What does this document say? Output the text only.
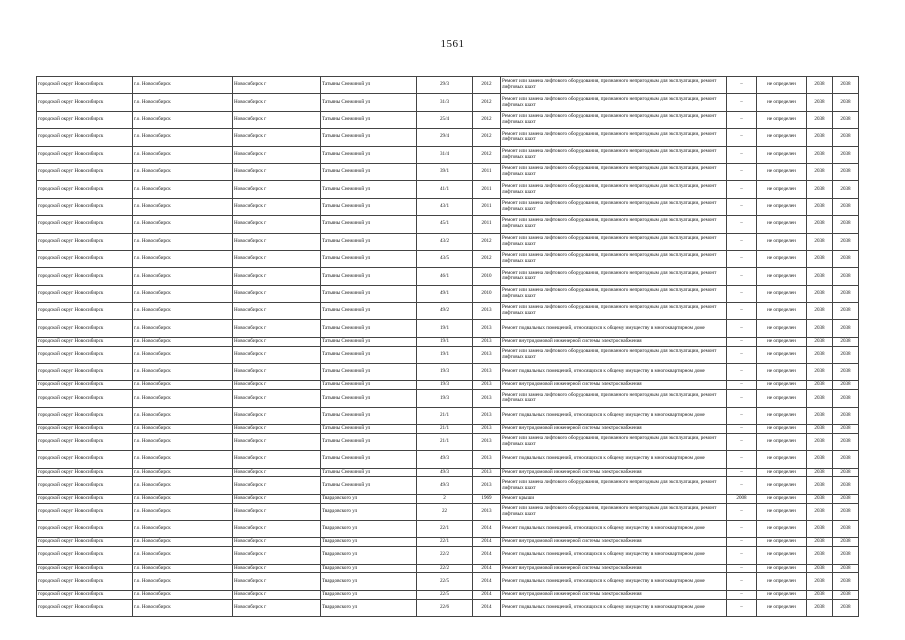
1561
городской округ Новосибирск	г.о. Новосибирск	Новосибирск г	Татьяны Снежиной ул	29/3	2012	Ремонт или замена лифтового оборудования, признанного непригодным для эксплуатации, ремонт лифтовых шахт	–	не определен	2038	2038
городской округ Новосибирск	г.о. Новосибирск	Новосибирск г	Татьяны Снежиной ул	31/3	2012	Ремонт или замена лифтового оборудования, признанного непригодным для эксплуатации, ремонт лифтовых шахт	–	не определен	2038	2038
городской округ Новосибирск	г.о. Новосибирск	Новосибирск г	Татьяны Снежиной ул	25/4	2012	Ремонт или замена лифтового оборудования, признанного непригодным для эксплуатации, ремонт лифтовых шахт	–	не определен	2038	2038
городской округ Новосибирск	г.о. Новосибирск	Новосибирск г	Татьяны Снежиной ул	29/4	2012	Ремонт или замена лифтового оборудования, признанного непригодным для эксплуатации, ремонт лифтовых шахт	–	не определен	2038	2038
городской округ Новосибирск	г.о. Новосибирск	Новосибирск г	Татьяны Снежиной ул	31/4	2012	Ремонт или замена лифтового оборудования, признанного непригодным для эксплуатации, ремонт лифтовых шахт	–	не определен	2038	2038
городской округ Новосибирск	г.о. Новосибирск	Новосибирск г	Татьяны Снежиной ул	39/1	2011	Ремонт или замена лифтового оборудования, признанного непригодным для эксплуатации, ремонт лифтовых шахт	–	не определен	2038	2038
городской округ Новосибирск	г.о. Новосибирск	Новосибирск г	Татьяны Снежиной ул	41/1	2011	Ремонт или замена лифтового оборудования, признанного непригодным для эксплуатации, ремонт лифтовых шахт	–	не определен	2038	2038
городской округ Новосибирск	г.о. Новосибирск	Новосибирск г	Татьяны Снежиной ул	43/1	2011	Ремонт или замена лифтового оборудования, признанного непригодным для эксплуатации, ремонт лифтовых шахт	–	не определен	2038	2038
городской округ Новосибирск	г.о. Новосибирск	Новосибирск г	Татьяны Снежиной ул	45/1	2011	Ремонт или замена лифтового оборудования, признанного непригодным для эксплуатации, ремонт лифтовых шахт	–	не определен	2038	2038
городской округ Новосибирск	г.о. Новосибирск	Новосибирск г	Татьяны Снежиной ул	43/2	2012	Ремонт или замена лифтового оборудования, признанного непригодным для эксплуатации, ремонт лифтовых шахт	–	не определен	2038	2038
городской округ Новосибирск	г.о. Новосибирск	Новосибирск г	Татьяны Снежиной ул	43/5	2012	Ремонт или замена лифтового оборудования, признанного непригодным для эксплуатации, ремонт лифтовых шахт	–	не определен	2038	2038
городской округ Новосибирск	г.о. Новосибирск	Новосибирск г	Татьяны Снежиной ул	46/1	2010	Ремонт или замена лифтового оборудования, признанного непригодным для эксплуатации, ремонт лифтовых шахт	–	не определен	2038	2038
городской округ Новосибирск	г.о. Новосибирск	Новосибирск г	Татьяны Снежиной ул	49/1	2010	Ремонт или замена лифтового оборудования, признанного непригодным для эксплуатации, ремонт лифтовых шахт	–	не определен	2038	2038
городской округ Новосибирск	г.о. Новосибирск	Новосибирск г	Татьяны Снежиной ул	49/2	2013	Ремонт или замена лифтового оборудования, признанного непригодным для эксплуатации, ремонт лифтовых шахт	–	не определен	2038	2038
городской округ Новосибирск	г.о. Новосибирск	Новосибирск г	Татьяны Снежиной ул	19/1	2013	Ремонт подвальных помещений, относящихся к общему имуществу в многоквартирном доме	–	не определен	2038	2038
городской округ Новосибирск	г.о. Новосибирск	Новосибирск г	Татьяны Снежиной ул	19/1	2013	Ремонт внутридомовой инженерной системы электроснабжения	–	не определен	2038	2038
городской округ Новосибирск	г.о. Новосибирск	Новосибирск г	Татьяны Снежиной ул	19/1	2013	Ремонт или замена лифтового оборудования, признанного непригодным для эксплуатации, ремонт лифтовых шахт	–	не определен	2038	2038
городской округ Новосибирск	г.о. Новосибирск	Новосибирск г	Татьяны Снежиной ул	19/3	2013	Ремонт подвальных помещений, относящихся к общему имуществу в многоквартирном доме	–	не определен	2038	2038
городской округ Новосибирск	г.о. Новосибирск	Новосибирск г	Татьяны Снежиной ул	19/3	2013	Ремонт внутридомовой инженерной системы электроснабжения	–	не определен	2038	2038
городской округ Новосибирск	г.о. Новосибирск	Новосибирск г	Татьяны Снежиной ул	19/3	2013	Ремонт или замена лифтового оборудования, признанного непригодным для эксплуатации, ремонт лифтовых шахт	–	не определен	2038	2038
городской округ Новосибирск	г.о. Новосибирск	Новосибирск г	Татьяны Снежиной ул	21/1	2013	Ремонт подвальных помещений, относящихся к общему имуществу в многоквартирном доме	–	не определен	2038	2038
городской округ Новосибирск	г.о. Новосибирск	Новосибирск г	Татьяны Снежиной ул	21/1	2013	Ремонт внутридомовой инженерной системы электроснабжения	–	не определен	2038	2038
городской округ Новосибирск	г.о. Новосибирск	Новосибирск г	Татьяны Снежиной ул	21/1	2013	Ремонт или замена лифтового оборудования, признанного непригодным для эксплуатации, ремонт лифтовых шахт	–	не определен	2038	2038
городской округ Новосибирск	г.о. Новосибирск	Новосибирск г	Татьяны Снежиной ул	49/3	2013	Ремонт подвальных помещений, относящихся к общему имуществу в многоквартирном доме	–	не определен	2038	2038
городской округ Новосибирск	г.о. Новосибирск	Новосибирск г	Татьяны Снежиной ул	49/3	2013	Ремонт внутридомовой инженерной системы электроснабжения	–	не определен	2038	2038
городской округ Новосибирск	г.о. Новосибирск	Новосибирск г	Татьяны Снежиной ул	49/3	2013	Ремонт или замена лифтового оборудования, признанного непригодным для эксплуатации, ремонт лифтовых шахт	–	не определен	2038	2038
городской округ Новосибирск	г.о. Новосибирск	Новосибирск г	Твардовского ул	2	1969	Ремонт крыши	2008	не определен	2038	2038
городской округ Новосибирск	г.о. Новосибирск	Новосибирск г	Твардовского ул	22	2013	Ремонт или замена лифтового оборудования, признанного непригодным для эксплуатации, ремонт лифтовых шахт	–	не определен	2038	2038
городской округ Новосибирск	г.о. Новосибирск	Новосибирск г	Твардовского ул	22/1	2014	Ремонт подвальных помещений, относящихся к общему имуществу в многоквартирном доме	–	не определен	2038	2038
городской округ Новосибирск	г.о. Новосибирск	Новосибирск г	Твардовского ул	22/1	2014	Ремонт внутридомовой инженерной системы электроснабжения	–	не определен	2038	2038
городской округ Новосибирск	г.о. Новосибирск	Новосибирск г	Твардовского ул	22/2	2014	Ремонт подвальных помещений, относящихся к общему имуществу в многоквартирном доме	–	не определен	2038	2038
городской округ Новосибирск	г.о. Новосибирск	Новосибирск г	Твардовского ул	22/2	2014	Ремонт внутридомовой инженерной системы электроснабжения	–	не определен	2038	2038
городской округ Новосибирск	г.о. Новосибирск	Новосибирск г	Твардовского ул	22/5	2014	Ремонт подвальных помещений, относящихся к общему имуществу в многоквартирном доме	–	не определен	2038	2038
городской округ Новосибирск	г.о. Новосибирск	Новосибирск г	Твардовского ул	22/5	2014	Ремонт внутридомовой инженерной системы электроснабжения	–	не определен	2038	2038
городской округ Новосибирск	г.о. Новосибирск	Новосибирск г	Твардовского ул	22/6	2014	Ремонт подвальных помещений, относящихся к общему имуществу в многоквартирном доме	–	не определен	2038	2038
